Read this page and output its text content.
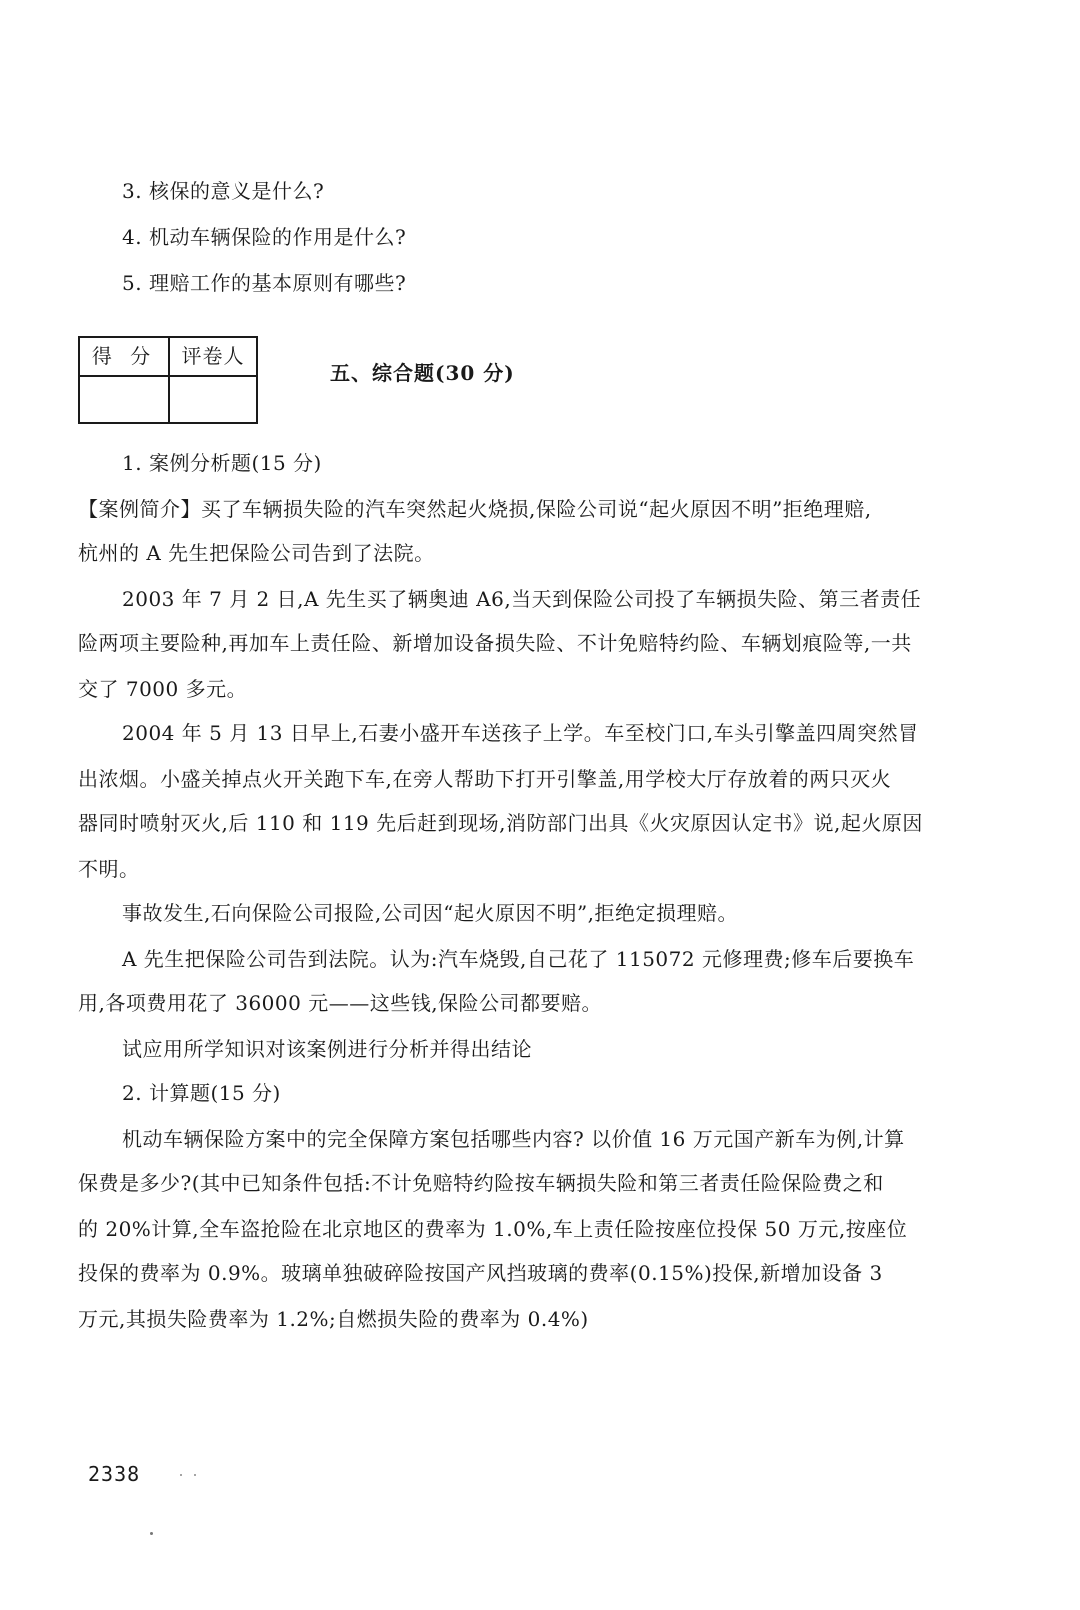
3. 核保的意义是什么?
4. 机动车辆保险的作用是什么?
5. 理赔工作的基本原则有哪些?
得 分	评卷人
五、综合题(30 分)
1. 案例分析题(15 分)
【案例简介】买了车辆损失险的汽车突然起火烧损,保险公司说“起火原因不明”拒绝理赔,
杭州的 A 先生把保险公司告到了法院。
2003 年 7 月 2 日,A 先生买了辆奥迪 A6,当天到保险公司投了车辆损失险、第三者责任
险两项主要险种,再加车上责任险、新增加设备损失险、不计免赔特约险、车辆划痕险等,一共
交了 7000 多元。
2004 年 5 月 13 日早上,石妻小盛开车送孩子上学。车至校门口,车头引擎盖四周突然冒
出浓烟。小盛关掉点火开关跑下车,在旁人帮助下打开引擎盖,用学校大厅存放着的两只灭火
器同时喷射灭火,后 110 和 119 先后赶到现场,消防部门出具《火灾原因认定书》说,起火原因
不明。
事故发生,石向保险公司报险,公司因“起火原因不明”,拒绝定损理赔。
A 先生把保险公司告到法院。认为:汽车烧毁,自己花了 115072 元修理费;修车后要换车
用,各项费用花了 36000 元——这些钱,保险公司都要赔。
试应用所学知识对该案例进行分析并得出结论
2. 计算题(15 分)
机动车辆保险方案中的完全保障方案包括哪些内容? 以价值 16 万元国产新车为例,计算
保费是多少?(其中已知条件包括:不计免赔特约险按车辆损失险和第三者责任险保险费之和
的 20%计算,全车盗抢险在北京地区的费率为 1.0%,车上责任险按座位投保 50 万元,按座位
投保的费率为 0.9%。玻璃单独破碎险按国产风挡玻璃的费率(0.15%)投保,新增加设备 3
万元,其损失险费率为 1.2%;自燃损失险的费率为 0.4%)
2338
